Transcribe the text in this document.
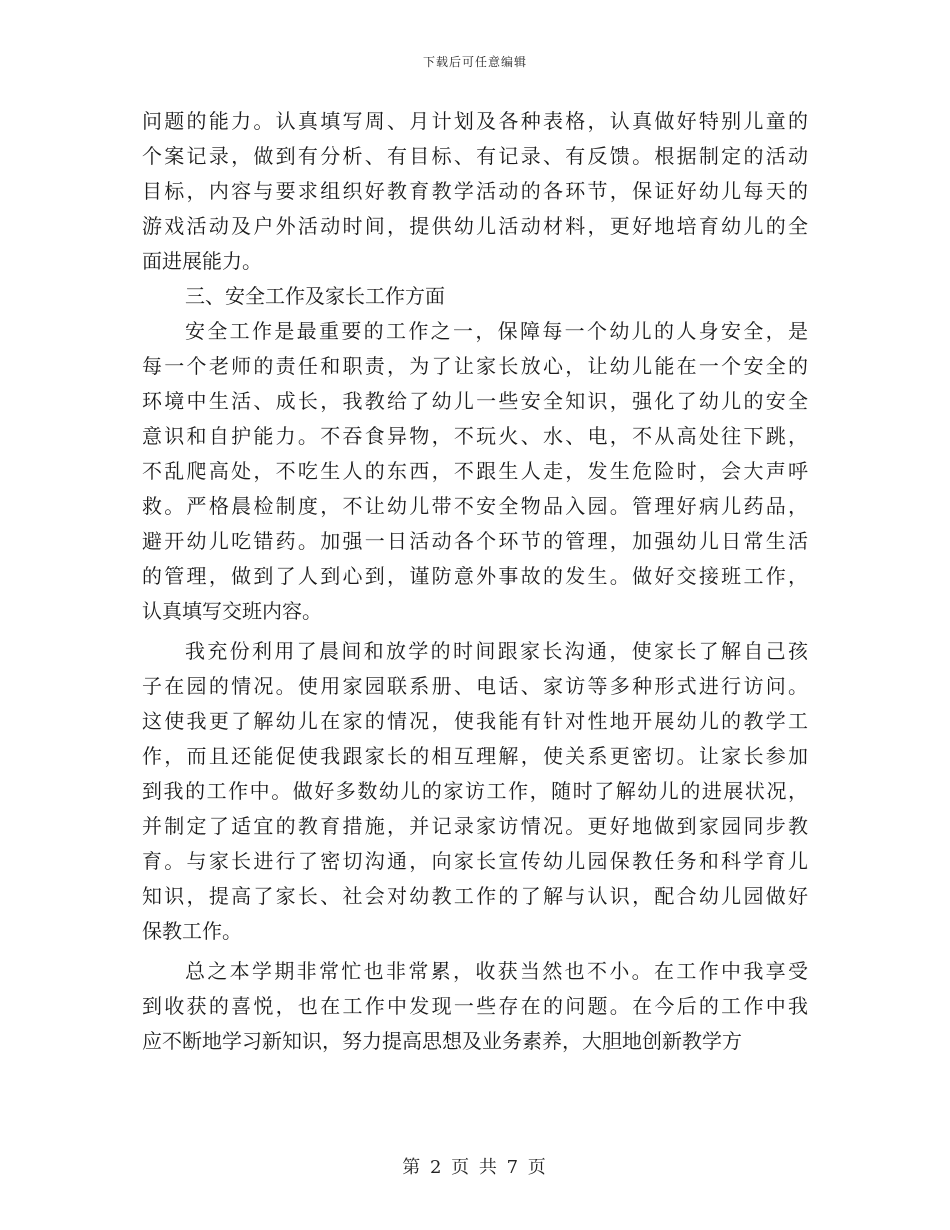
下载后可任意编辑
问题的能力。认真填写周、月计划及各种表格，认真做好特别儿童的
个案记录，做到有分析、有目标、有记录、有反馈。根据制定的活动
目标，内容与要求组织好教育教学活动的各环节，保证好幼儿每天的
游戏活动及户外活动时间，提供幼儿活动材料，更好地培育幼儿的全
面进展能力。
三、安全工作及家长工作方面
安全工作是最重要的工作之一，保障每一个幼儿的人身安全，是
每一个老师的责任和职责，为了让家长放心，让幼儿能在一个安全的
环境中生活、成长，我教给了幼儿一些安全知识，强化了幼儿的安全
意识和自护能力。不吞食异物，不玩火、水、电，不从高处往下跳，
不乱爬高处，不吃生人的东西，不跟生人走，发生危险时，会大声呼
救。严格晨检制度，不让幼儿带不安全物品入园。管理好病儿药品，
避开幼儿吃错药。加强一日活动各个环节的管理，加强幼儿日常生活
的管理，做到了人到心到，谨防意外事故的发生。做好交接班工作，
认真填写交班内容。
我充份利用了晨间和放学的时间跟家长沟通，使家长了解自己孩
子在园的情况。使用家园联系册、电话、家访等多种形式进行访问。
这使我更了解幼儿在家的情况，使我能有针对性地开展幼儿的教学工
作，而且还能促使我跟家长的相互理解，使关系更密切。让家长参加
到我的工作中。做好多数幼儿的家访工作，随时了解幼儿的进展状况，
并制定了适宜的教育措施，并记录家访情况。更好地做到家园同步教
育。与家长进行了密切沟通，向家长宣传幼儿园保教任务和科学育儿
知识，提高了家长、社会对幼教工作的了解与认识，配合幼儿园做好
保教工作。
总之本学期非常忙也非常累，收获当然也不小。在工作中我享受
到收获的喜悦，也在工作中发现一些存在的问题。在今后的工作中我
应不断地学习新知识，努力提高思想及业务素养，大胆地创新教学方
第 2 页 共 7 页
